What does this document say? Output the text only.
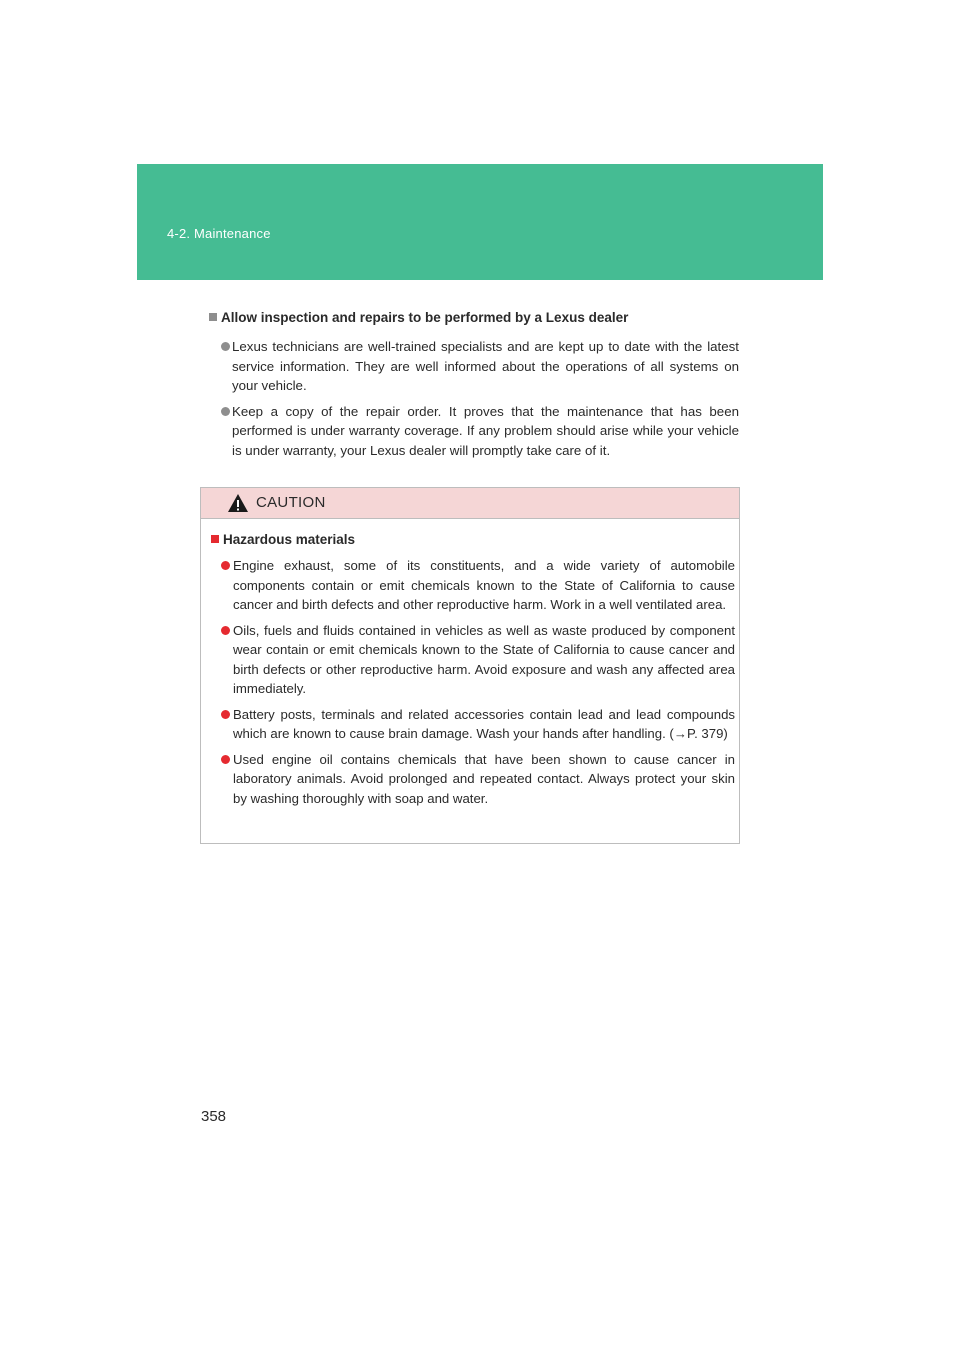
4-2. Maintenance
Allow inspection and repairs to be performed by a Lexus dealer
Lexus technicians are well-trained specialists and are kept up to date with the latest service information. They are well informed about the operations of all systems on your vehicle.
Keep a copy of the repair order. It proves that the maintenance that has been performed is under warranty coverage. If any problem should arise while your vehicle is under warranty, your Lexus dealer will promptly take care of it.
CAUTION
Hazardous materials
Engine exhaust, some of its constituents, and a wide variety of automobile components contain or emit chemicals known to the State of California to cause cancer and birth defects and other reproductive harm. Work in a well ventilated area.
Oils, fuels and fluids contained in vehicles as well as waste produced by component wear contain or emit chemicals known to the State of California to cause cancer and birth defects or other reproductive harm. Avoid exposure and wash any affected area immediately.
Battery posts, terminals and related accessories contain lead and lead compounds which are known to cause brain damage. Wash your hands after handling. (→P. 379)
Used engine oil contains chemicals that have been shown to cause cancer in laboratory animals. Avoid prolonged and repeated contact. Always protect your skin by washing thoroughly with soap and water.
358
